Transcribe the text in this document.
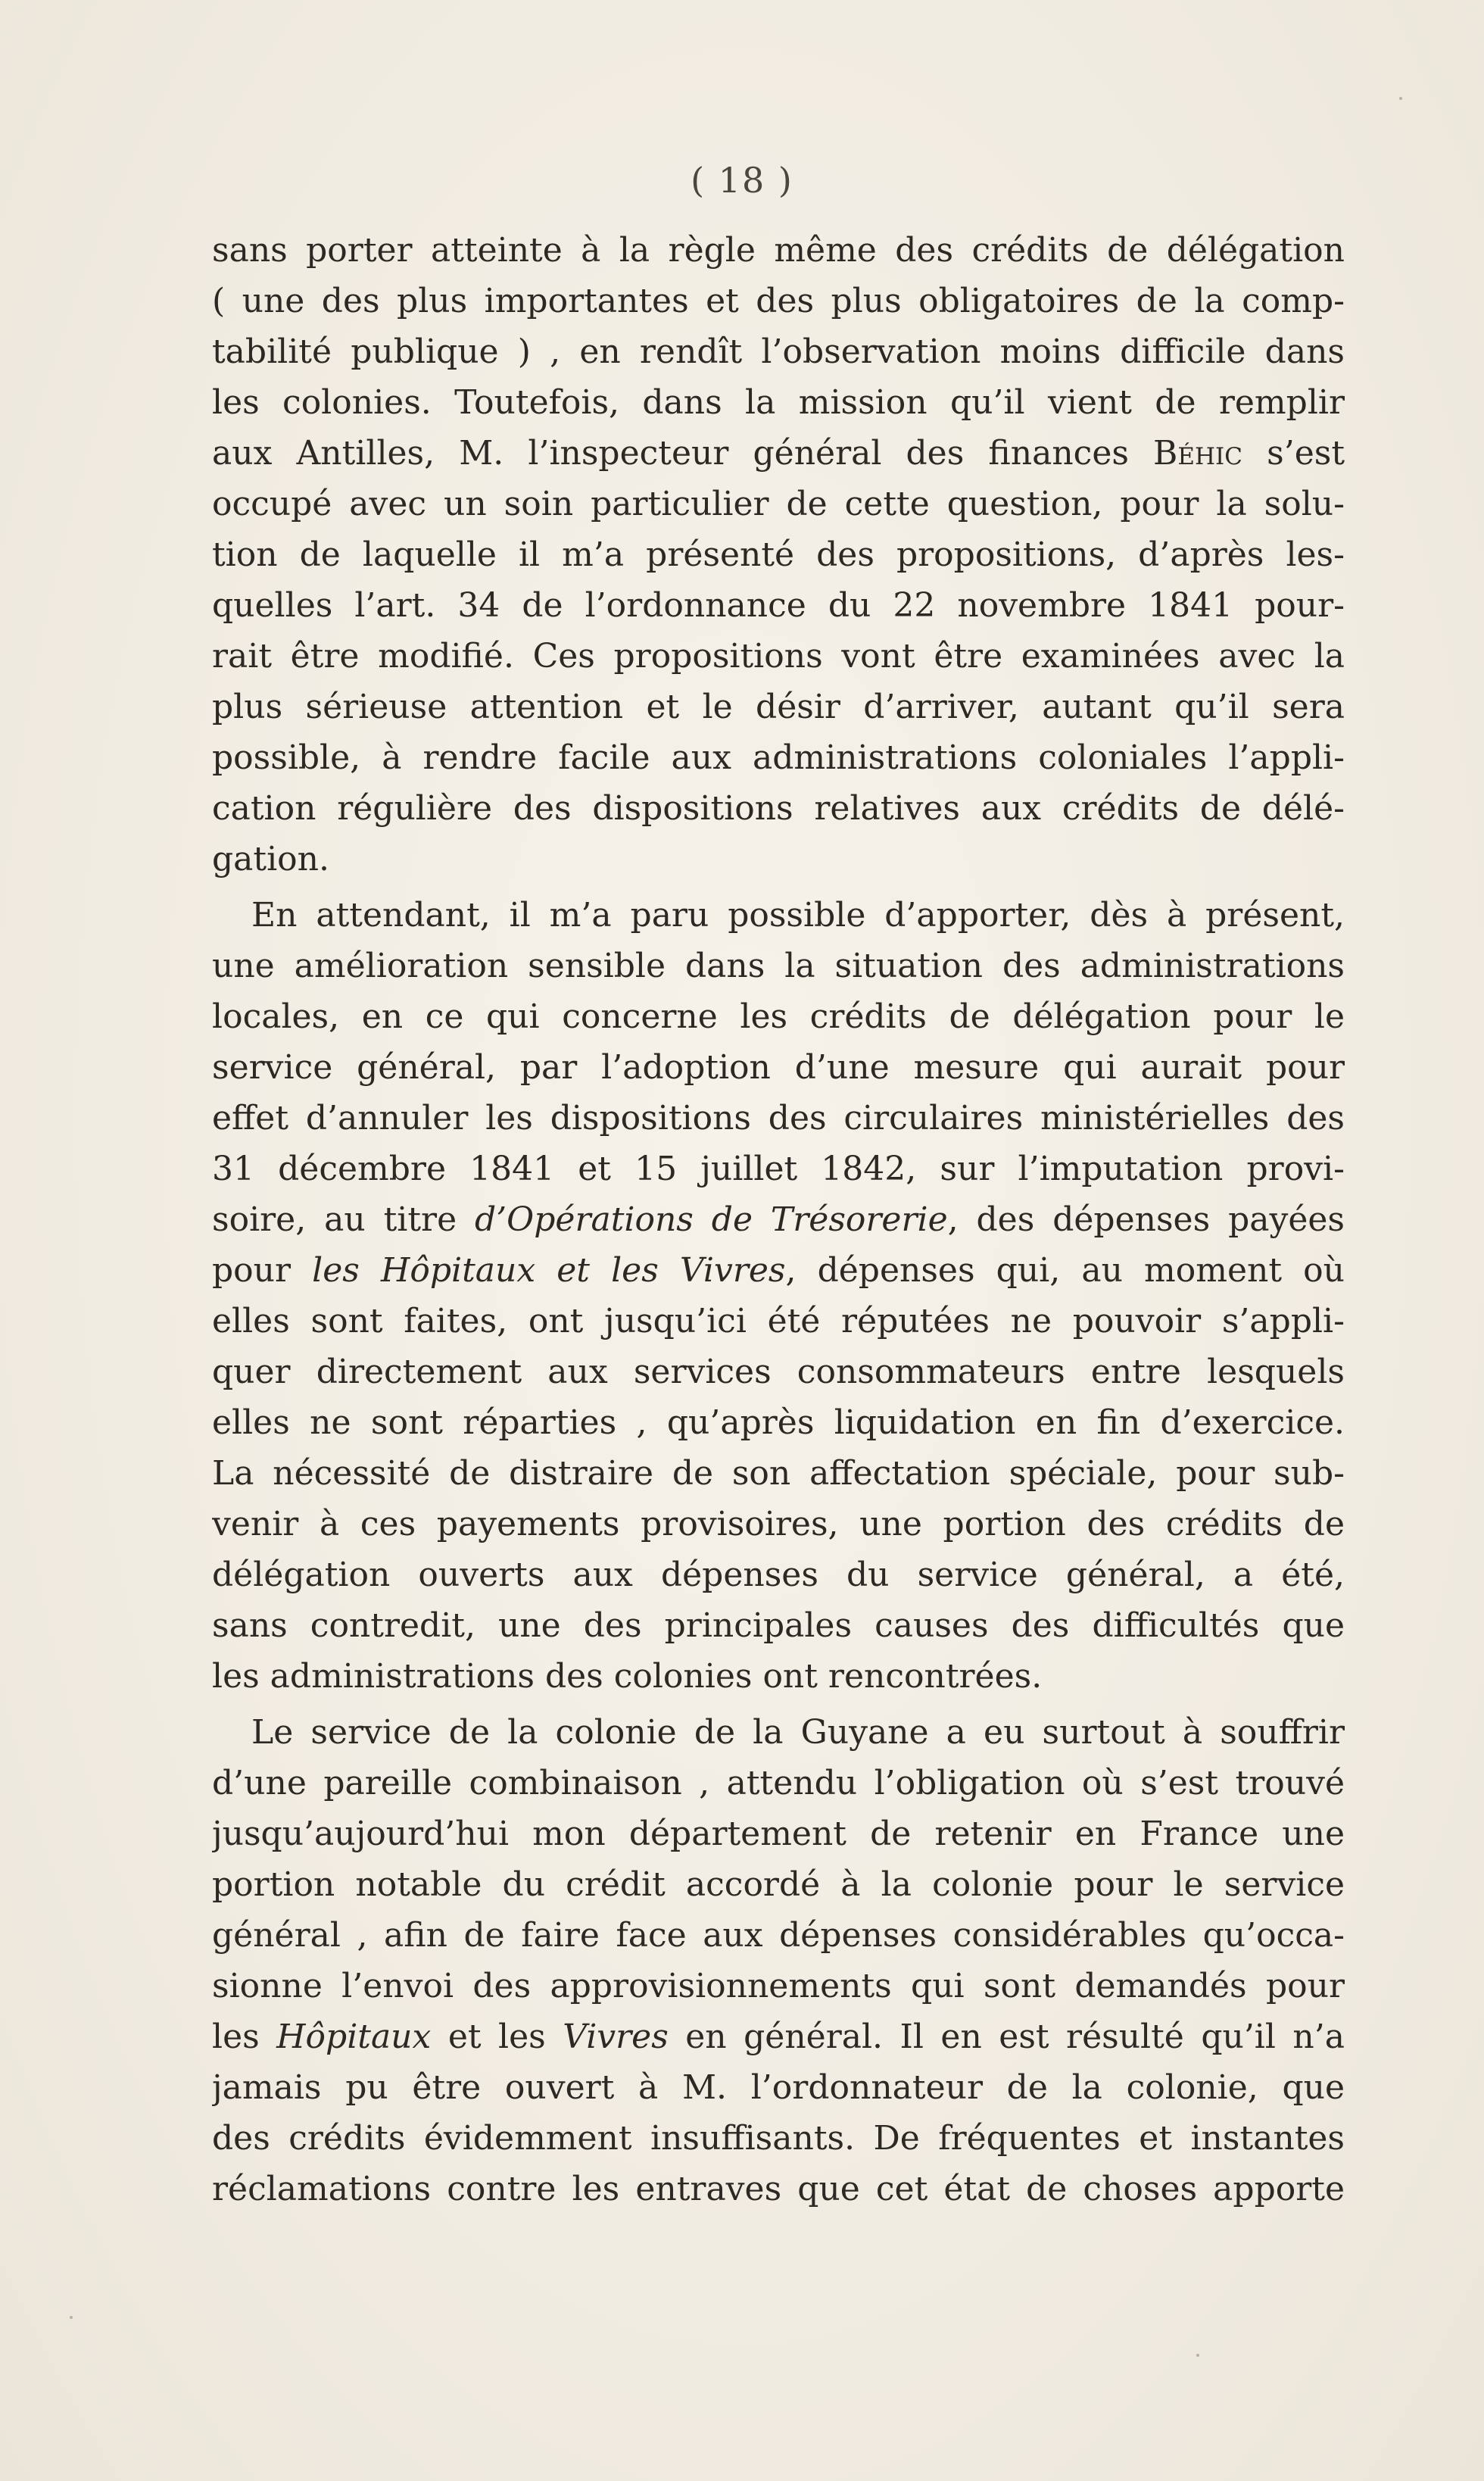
( 18 )
sans porter atteinte à la règle même des crédits de délégation
( une des plus importantes et des plus obligatoires de la comp-
tabilité publique ) , en rendît l’observation moins difficile dans
les colonies. Toutefois, dans la mission qu’il vient de remplir
aux Antilles, M. l’inspecteur général des finances Béhic s’est
occupé avec un soin particulier de cette question, pour la solu-
tion de laquelle il m’a présenté des propositions, d’après les-
quelles l’art. 34 de l’ordonnance du 22 novembre 1841 pour-
rait être modifié. Ces propositions vont être examinées avec la
plus sérieuse attention et le désir d’arriver, autant qu’il sera
possible, à rendre facile aux administrations coloniales l’appli-
cation régulière des dispositions relatives aux crédits de délé-
gation.
En attendant, il m’a paru possible d’apporter, dès à présent,
une amélioration sensible dans la situation des administrations
locales, en ce qui concerne les crédits de délégation pour le
service général, par l’adoption d’une mesure qui aurait pour
effet d’annuler les dispositions des circulaires ministérielles des
31 décembre 1841 et 15 juillet 1842, sur l’imputation provi-
soire, au titre d’Opérations de Trésorerie, des dépenses payées
pour les Hôpitaux et les Vivres, dépenses qui, au moment où
elles sont faites, ont jusqu’ici été réputées ne pouvoir s’appli-
quer directement aux services consommateurs entre lesquels
elles ne sont réparties , qu’après liquidation en fin d’exercice.
La nécessité de distraire de son affectation spéciale, pour sub-
venir à ces payements provisoires, une portion des crédits de
délégation ouverts aux dépenses du service général, a été,
sans contredit, une des principales causes des difficultés que
les administrations des colonies ont rencontrées.
Le service de la colonie de la Guyane a eu surtout à souffrir
d’une pareille combinaison , attendu l’obligation où s’est trouvé
jusqu’aujourd’hui mon département de retenir en France une
portion notable du crédit accordé à la colonie pour le service
général , afin de faire face aux dépenses considérables qu’occa-
sionne l’envoi des approvisionnements qui sont demandés pour
les Hôpitaux et les Vivres en général. Il en est résulté qu’il n’a
jamais pu être ouvert à M. l’ordonnateur de la colonie, que
des crédits évidemment insuffisants. De fréquentes et instantes
réclamations contre les entraves que cet état de choses apporte
